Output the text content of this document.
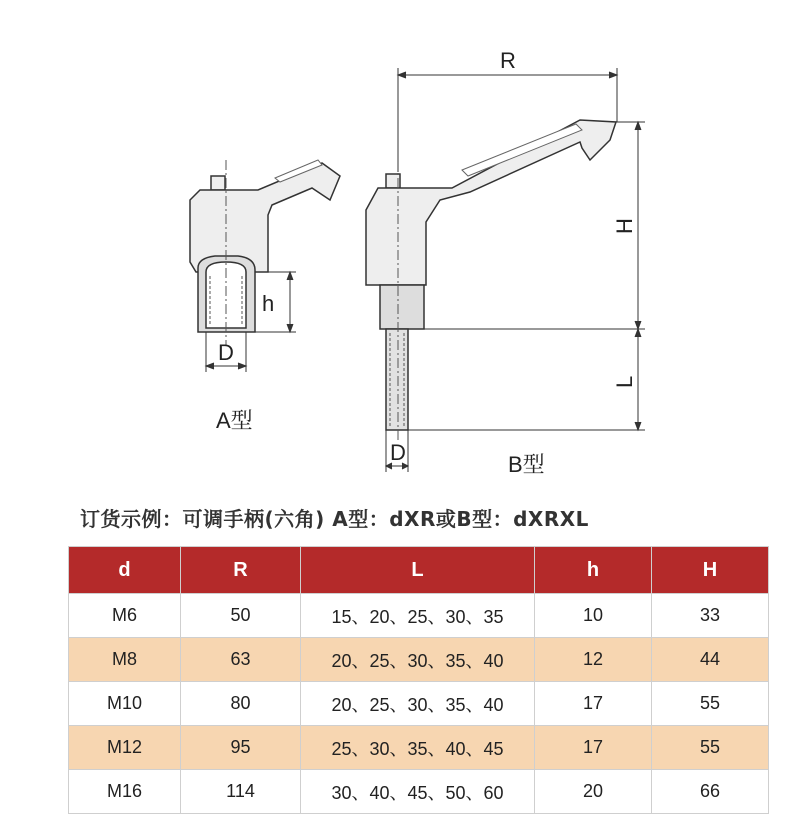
h
D
A型
R
H
L
D	B型
订货示例：可调手柄(六角) A型：dXR或B型：dXRXL
d	R	L	h	H
M6	50	15、20、25、30、35	10	33
M8	63	20、25、30、35、40	12	44
M10	80	20、25、30、35、40	17	55
M12	95	25、30、35、40、45	17	55
M16	114	30、40、45、50、60	20	66
